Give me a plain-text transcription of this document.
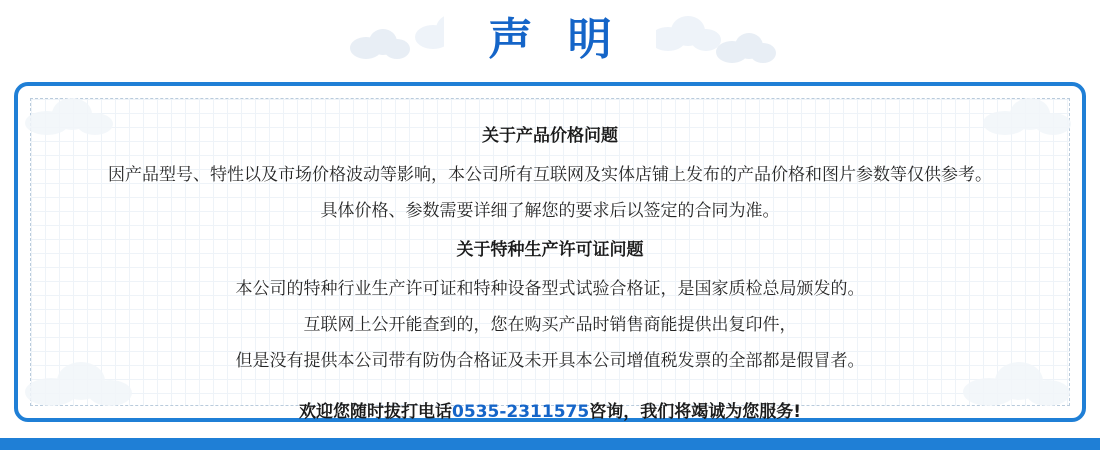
声 明
关于产品价格问题
因产品型号、特性以及市场价格波动等影响，本公司所有互联网及实体店铺上发布的产品价格和图片参数等仅供参考。
具体价格、参数需要详细了解您的要求后以签定的合同为准。
关于特种生产许可证问题
本公司的特种行业生产许可证和特种设备型式试验合格证，是国家质检总局颁发的。
互联网上公开能查到的，您在购买产品时销售商能提供出复印件，
但是没有提供本公司带有防伪合格证及未开具本公司增值税发票的全部都是假冒者。
欢迎您随时拔打电话0535-2311575咨询，我们将竭诚为您服务!
